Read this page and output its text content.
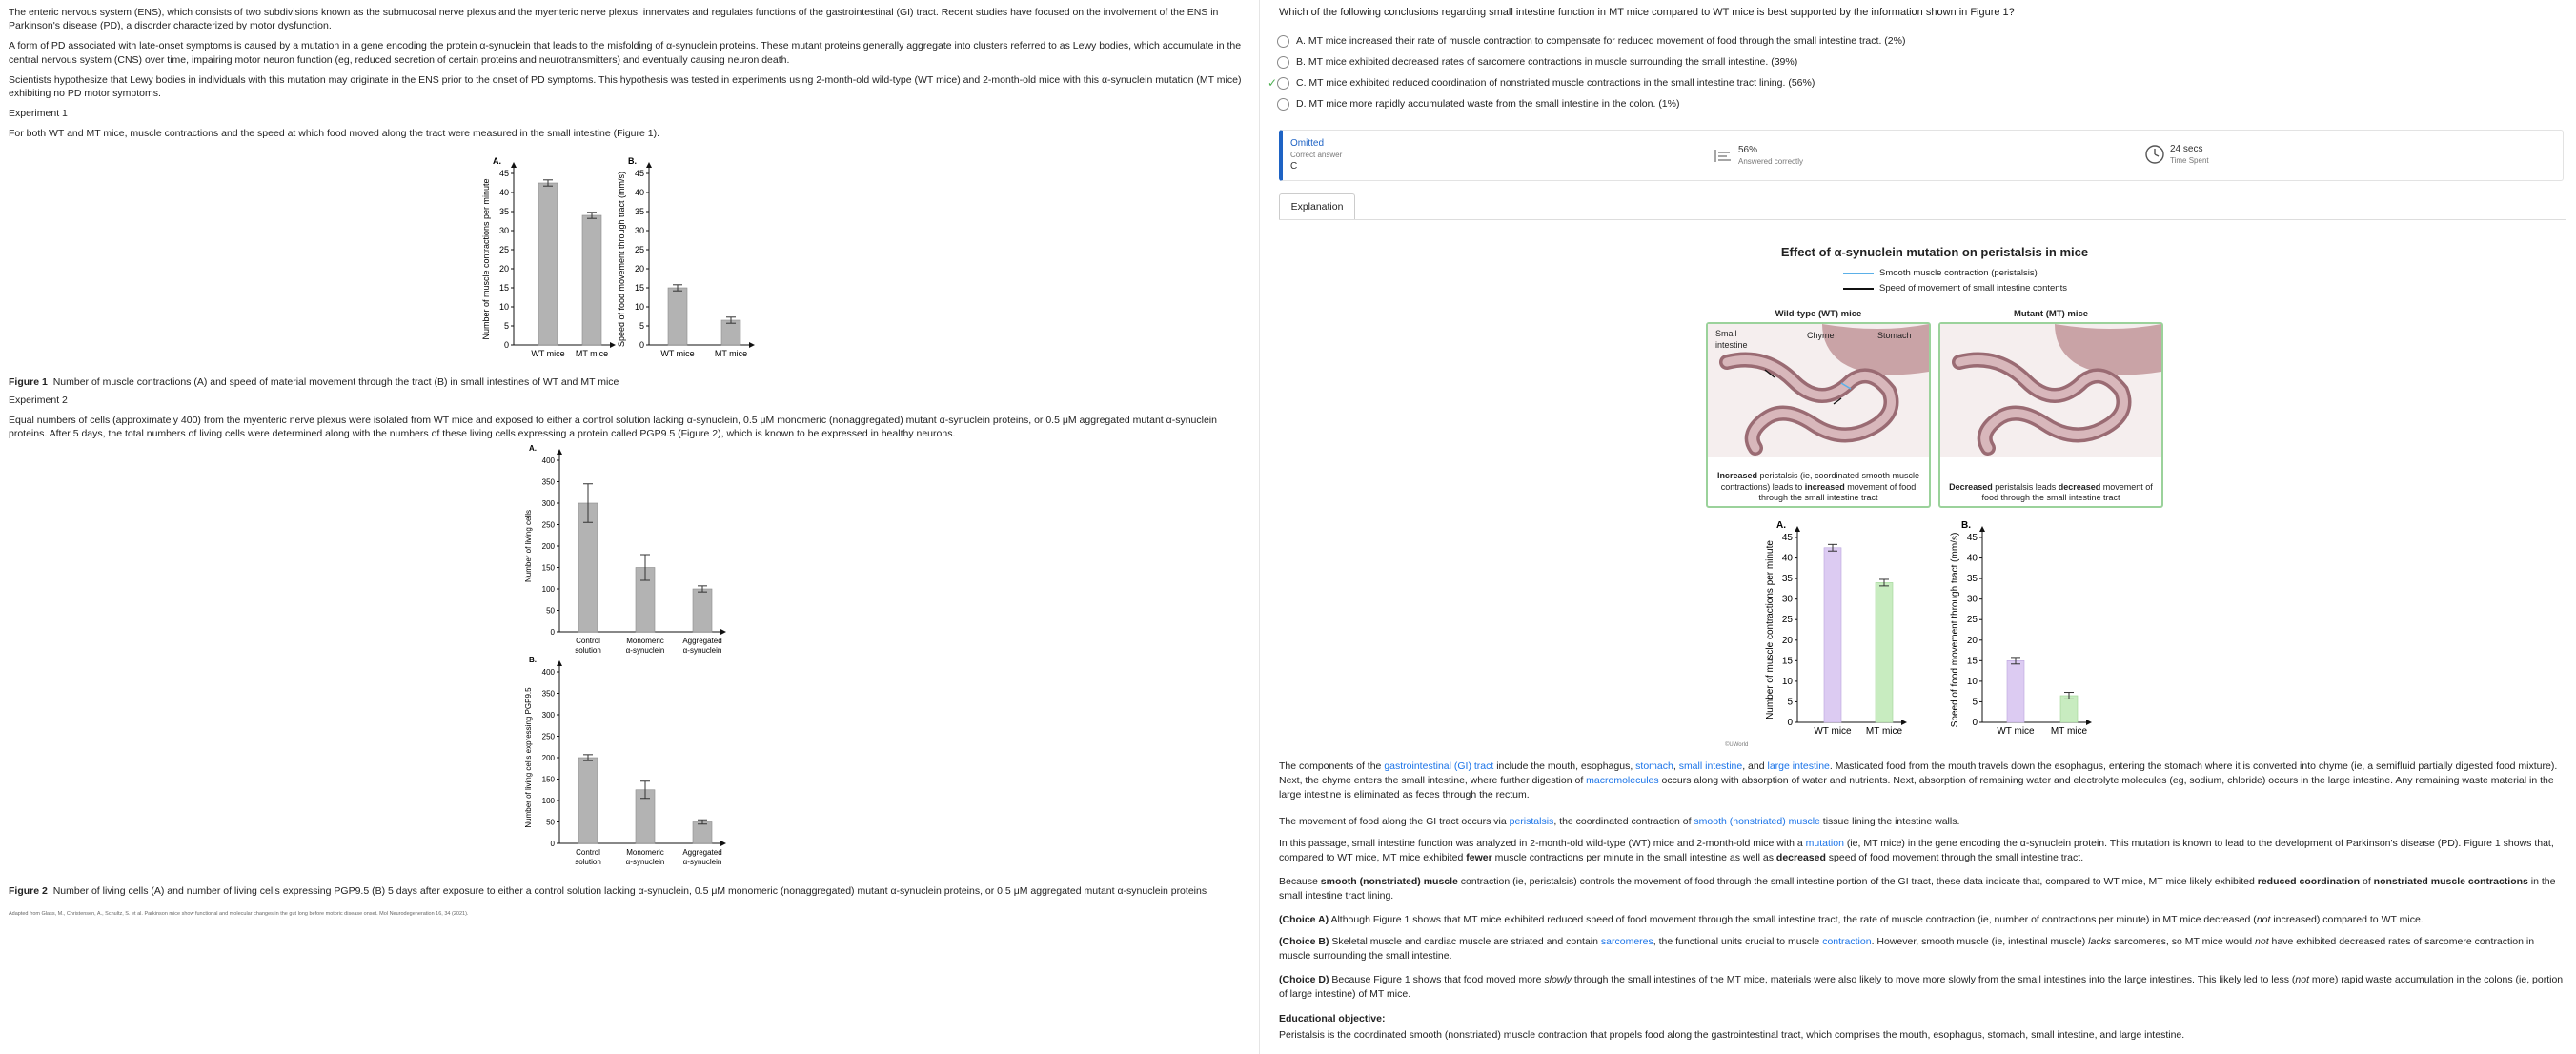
The enteric nervous system (ENS), which consists of two subdivisions known as the submucosal nerve plexus and the myenteric nerve plexus, innervates and regulates functions of the gastrointestinal (GI) tract. Recent studies have focused on the involvement of the ENS in Parkinson's disease (PD), a disorder characterized by motor dysfunction.

A form of PD associated with late-onset symptoms is caused by a mutation in a gene encoding the protein α-synuclein that leads to the misfolding of α-synuclein proteins. These mutant proteins generally aggregate into clusters referred to as Lewy bodies, which accumulate in the central nervous system (CNS) over time, impairing motor neuron function (eg, reduced secretion of certain proteins and neurotransmitters) and eventually causing neuron death.

Scientists hypothesize that Lewy bodies in individuals with this mutation may originate in the ENS prior to the onset of PD symptoms. This hypothesis was tested in experiments using 2-month-old wild-type (WT mice) and 2-month-old mice with this α-synuclein mutation (MT mice) exhibiting no PD motor symptoms.

Experiment 1

For both WT and MT mice, muscle contractions and the speed at which food moved along the tract were measured in the small intestine (Figure 1).

A.
0
5
10
15
20
25
30
35
40
45
Number of muscle contractions per minute
WT mice MT mice
B.
0
5
10
15
20
25
30
35
40
45
Speed of food movement through tract (mm/s)
WT mice MT mice

Figure 1 Number of muscle contractions (A) and speed of material movement through the tract (B) in small intestines of WT and MT mice

Experiment 2

Equal numbers of cells (approximately 400) from the myenteric nerve plexus were isolated from WT mice and exposed to either a control solution lacking α-synuclein, 0.5 μM monomeric (nonaggregated) mutant α-synuclein proteins, or 0.5 μM aggregated mutant α-synuclein proteins. After 5 days, the total numbers of living cells were determined along with the numbers of these living cells expressing a protein called PGP9.5 (Figure 2), which is known to be expressed in healthy neurons.

A.
0
50
100
150
200
250
300
350
400
Number of living cells
Control
solution
Monomeric
α-synuclein
Aggregated
α-synuclein
B.
0
50
100
150
200
250
300
350
400
Number of living cells expressing PGP9.5
Control
solution
Monomeric
α-synuclein
Aggregated
α-synuclein

Figure 2 Number of living cells (A) and number of living cells expressing PGP9.5 (B) 5 days after exposure to either a control solution lacking α-synuclein, 0.5 μM monomeric (nonaggregated) mutant α-synuclein proteins, or 0.5 μM aggregated mutant α-synuclein proteins

Adapted from Glass, M., Christensen, A., Schultz, S. et al. Parkinson mice show functional and molecular changes in the gut long before motoric disease onset. Mol Neurodegeneration 16, 34 (2021).

Which of the following conclusions regarding small intestine function in MT mice compared to WT mice is best supported by the information shown in Figure 1?

A.
MT mice increased their rate of muscle contraction to compensate for reduced movement of food through the small intestine tract.
(2%)
B.
MT mice exhibited decreased rates of sarcomere contractions in muscle surrounding the small intestine.
(39%)
✓ C.
MT mice exhibited reduced coordination of nonstriated muscle contractions in the small intestine tract lining.
(56%)
D.
MT mice more rapidly accumulated waste from the small intestine in the colon.
(1%)
Omitted
Correct answer
C
56%
Answered correctly
24 secs
Time Spent
Explanation
Effect of α-synuclein mutation on peristalsis in mice
Smooth muscle contraction (peristalsis)
Speed of movement of small intestine contents
Wild-type (WT) mice	Mutant (MT) mice
Small intestine
Chyme	Stomach
Increased peristalsis (ie, coordinated smooth muscle contractions) leads to increased movement of food through the small intestine tract
Decreased peristalsis leads decreased movement of food through the small intestine tract
A.
0
5
10
15
20
25
30
35
40
45
Number of muscle contractions per minute
WT mice MT mice
B.
0
5
10
15
20
25
30
35
40
45
Speed of food movement through tract (mm/s)
WT mice MT mice
©UWorld

The components of the gastrointestinal (GI) tract include the mouth, esophagus, stomach, small intestine, and large intestine. Masticated food from the mouth travels down the esophagus, entering the stomach where it is converted into chyme (ie, a semifluid partially digested food mixture). Next, the chyme enters the small intestine, where further digestion of macromolecules occurs along with absorption of water and nutrients. Next, absorption of remaining water and electrolyte molecules (eg, sodium, chloride) occurs in the large intestine. Any remaining waste material in the large intestine is eliminated as feces through the rectum.

The movement of food along the GI tract occurs via peristalsis, the coordinated contraction of smooth (nonstriated) muscle tissue lining the intestine walls.

In this passage, small intestine function was analyzed in 2-month-old wild-type (WT) mice and 2-month-old mice with a mutation (ie, MT mice) in the gene encoding the α-synuclein protein. This mutation is known to lead to the development of Parkinson's disease (PD). Figure 1 shows that, compared to WT mice, MT mice exhibited fewer muscle contractions per minute in the small intestine as well as decreased speed of food movement through the small intestine tract.

Because smooth (nonstriated) muscle contraction (ie, peristalsis) controls the movement of food through the small intestine portion of the GI tract, these data indicate that, compared to WT mice, MT mice likely exhibited reduced coordination of nonstriated muscle contractions in the small intestine tract lining.

(Choice A) Although Figure 1 shows that MT mice exhibited reduced speed of food movement through the small intestine tract, the rate of muscle contraction (ie, number of contractions per minute) in MT mice decreased (not increased) compared to WT mice.

(Choice B) Skeletal muscle and cardiac muscle are striated and contain sarcomeres, the functional units crucial to muscle contraction. However, smooth muscle (ie, intestinal muscle) lacks sarcomeres, so MT mice would not have exhibited decreased rates of sarcomere contraction in muscle surrounding the small intestine.

(Choice D) Because Figure 1 shows that food moved more slowly through the small intestines of the MT mice, materials were also likely to move more slowly from the small intestines into the large intestines. This likely led to less (not more) rapid waste accumulation in the colons (ie, portion of large intestine) of MT mice.

Educational objective:

Peristalsis is the coordinated smooth (nonstriated) muscle contraction that propels food along the gastrointestinal tract, which comprises the mouth, esophagus, stomach, small intestine, and large intestine.
